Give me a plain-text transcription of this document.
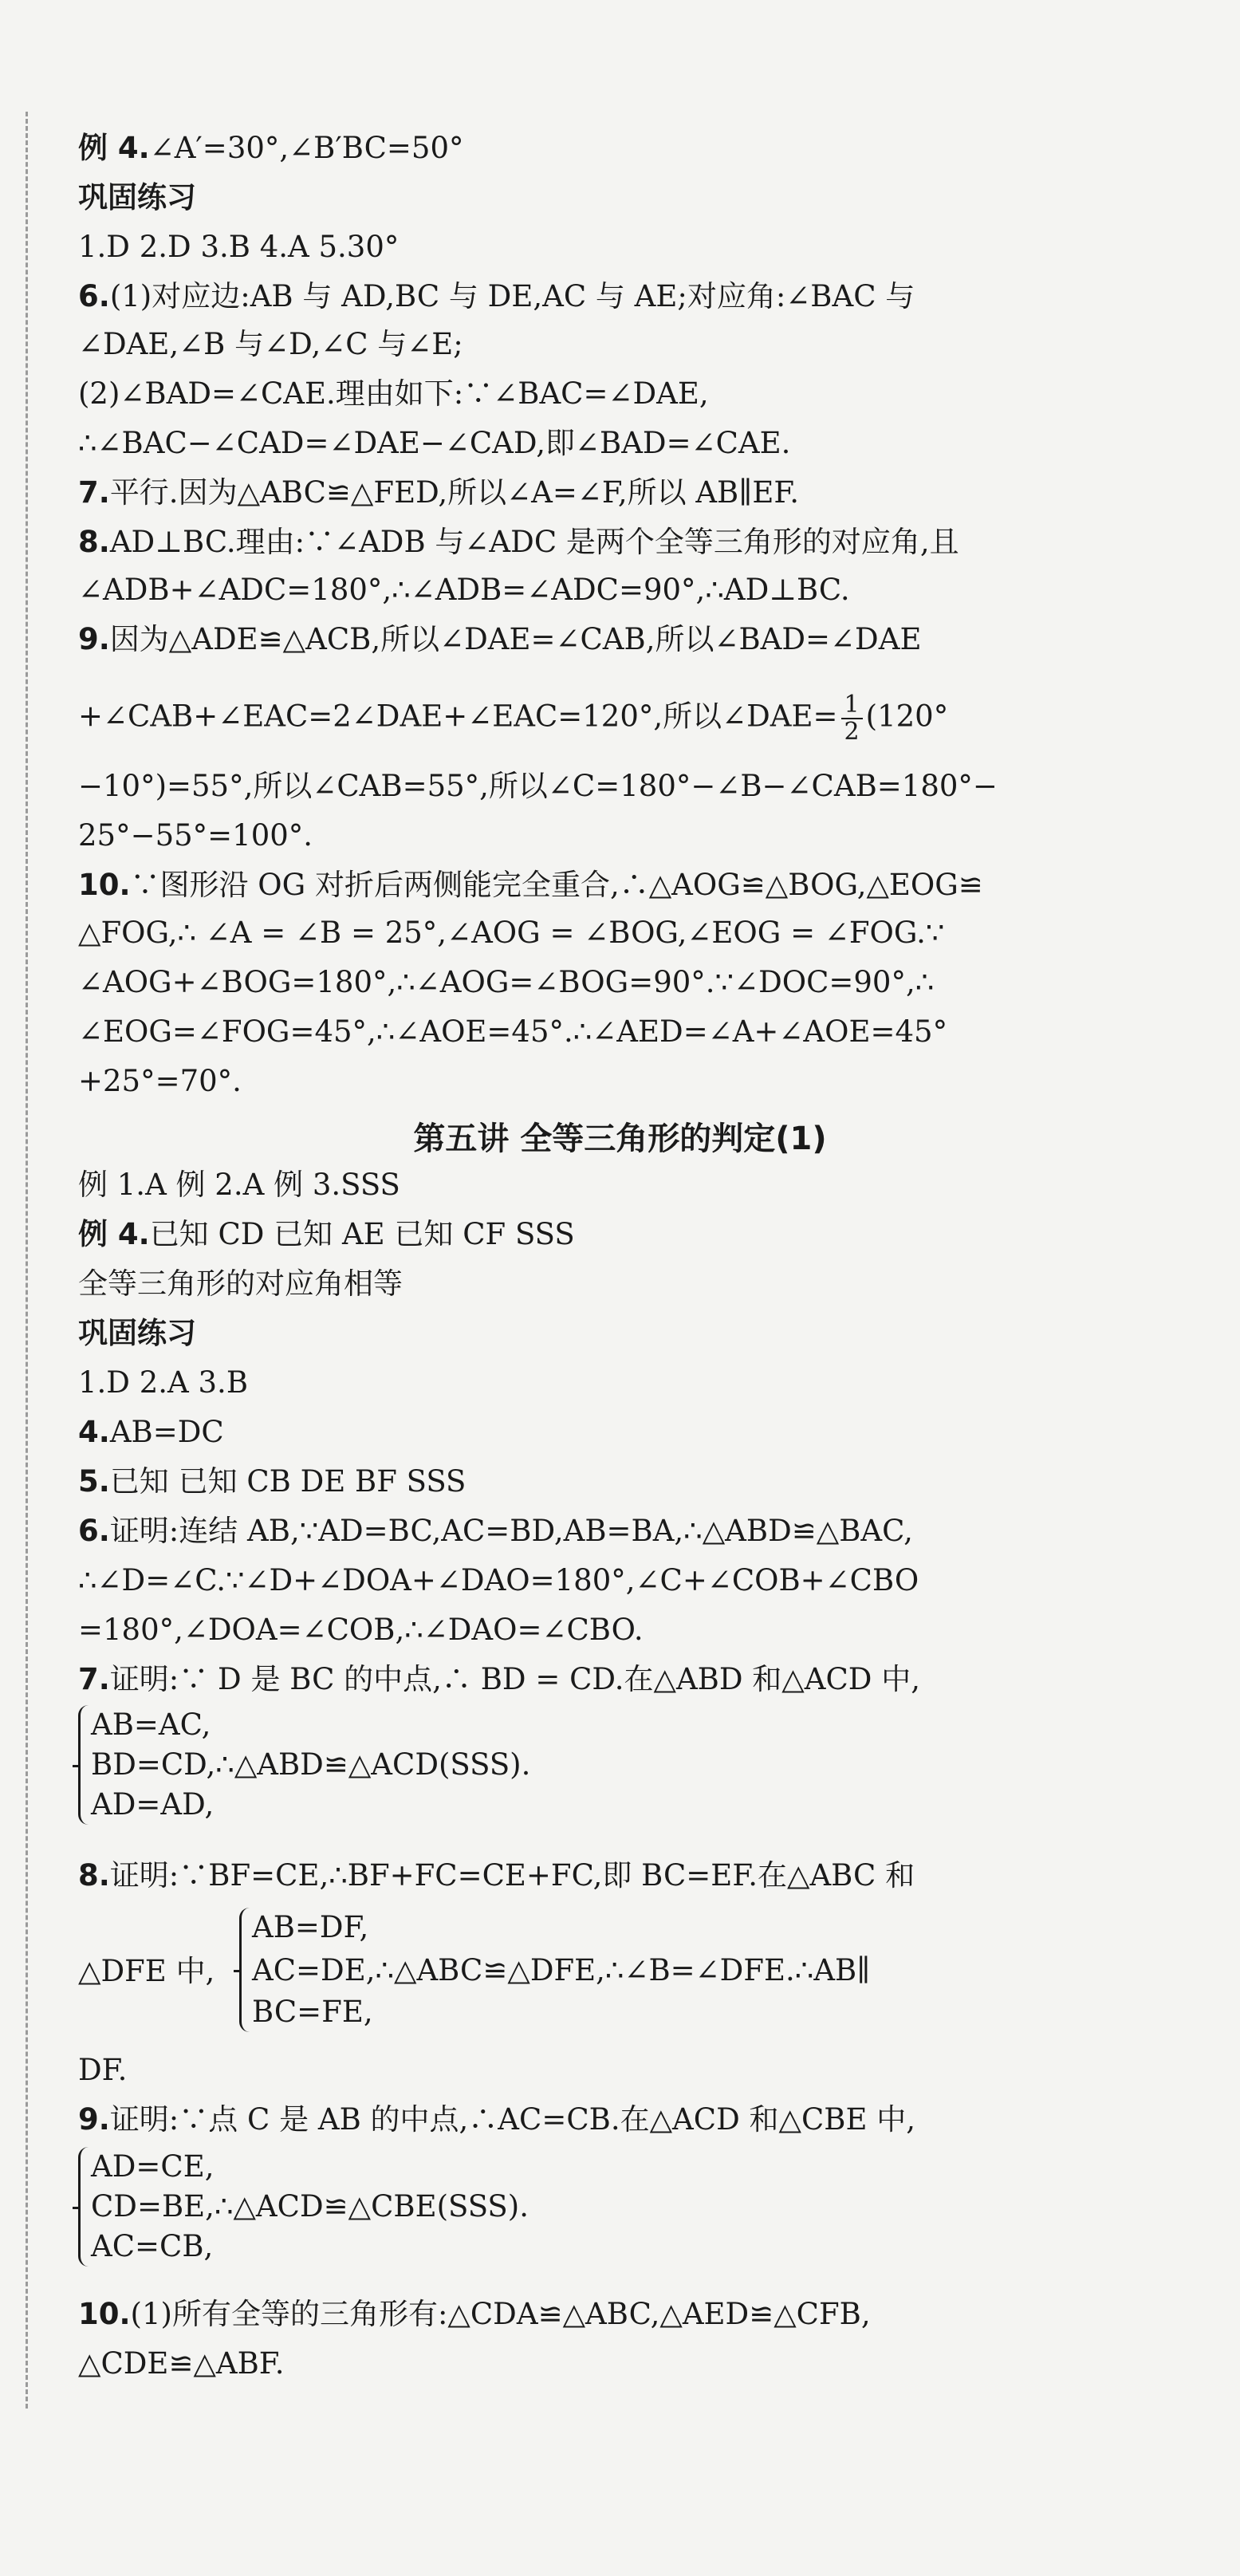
例 4.∠A′=30°,∠B′BC=50°
巩固练习
1.D 2.D 3.B 4.A 5.30°
6.(1)对应边:AB 与 AD,BC 与 DE,AC 与 AE;对应角:∠BAC 与
∠DAE,∠B 与∠D,∠C 与∠E;
(2)∠BAD=∠CAE.理由如下:∵∠BAC=∠DAE,
∴∠BAC−∠CAD=∠DAE−∠CAD,即∠BAD=∠CAE.
7.平行.因为△ABC≌△FED,所以∠A=∠F,所以 AB∥EF.
8.AD⊥BC.理由:∵∠ADB 与∠ADC 是两个全等三角形的对应角,且
∠ADB+∠ADC=180°,∴∠ADB=∠ADC=90°,∴AD⊥BC.
9.因为△ADE≌△ACB,所以∠DAE=∠CAB,所以∠BAD=∠DAE
+∠CAB+∠EAC=2∠DAE+∠EAC=120°,所以∠DAE= $\frac{1}{2} (120^\circ$
−10°)=55°,所以∠CAB=55°,所以∠C=180°−∠B−∠CAB=180°−
25°−55°=100°.
10.∵图形沿 OG 对折后两侧能完全重合,∴△AOG≌△BOG,△EOG≌
△FOG,∴ ∠A = ∠B = 25°,∠AOG = ∠BOG,∠EOG = ∠FOG.∵
∠AOG+∠BOG=180°,∴∠AOG=∠BOG=90°.∵∠DOC=90°,∴
∠EOG=∠FOG=45°,∴∠AOE=45°.∴∠AED=∠A+∠AOE=45°
+25°=70°.
第五讲 全等三角形的判定(1)
例 1.A 例 2.A 例 3.SSS
例 4.已知 CD 已知 AE 已知 CF SSS
全等三角形的对应角相等
巩固练习
1.D 2.A 3.B
4.AB=DC
5.已知 已知 CB DE BF SSS
6.证明:连结 AB,∵AD=BC,AC=BD,AB=BA,∴△ABD≌△BAC,
∴∠D=∠C.∵∠D+∠DOA+∠DAO=180°,∠C+∠COB+∠CBO
=180°,∠DOA=∠COB,∴∠DAO=∠CBO.
7.证明:∵ D 是 BC 的中点,∴ BD = CD.在△ABD 和△ACD 中,
AB=AC,
BD=CD,∴△ABD≌△ACD(SSS).
AD=AD,
8.证明:∵BF=CE,∴BF+FC=CE+FC,即 BC=EF.在△ABC 和
△DFE 中,
AB=DF,
AC=DE,∴△ABC≌△DFE,∴∠B=∠DFE.∴AB∥
BC=FE,
DF.
9.证明:∵点 C 是 AB 的中点,∴AC=CB.在△ACD 和△CBE 中,
AD=CE,
CD=BE,∴△ACD≌△CBE(SSS).
AC=CB,
10.(1)所有全等的三角形有:△CDA≌△ABC,△AED≌△CFB,
△CDE≌△ABF.
